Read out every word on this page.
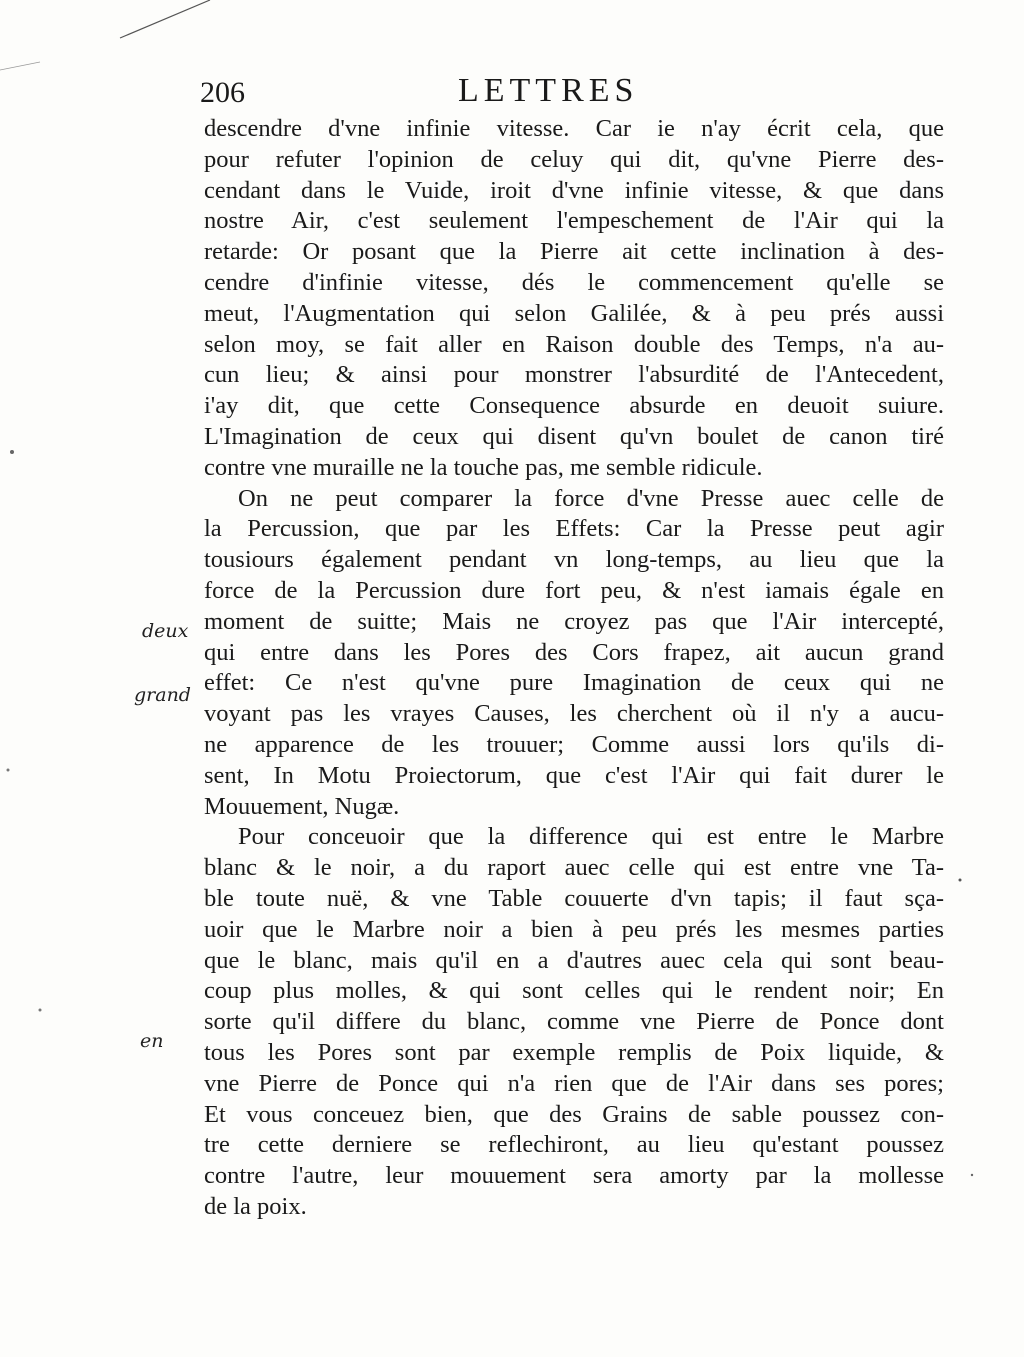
206	LETTRES
descendre d'vne infinie vitesse. Car ie n'ay écrit cela, que
pour refuter l'opinion de celuy qui dit, qu'vne Pierre des-
cendant dans le Vuide, iroit d'vne infinie vitesse, & que dans
nostre Air, c'est seulement l'empeschement de l'Air qui la
retarde: Or posant que la Pierre ait cette inclination à des-
cendre d'infinie vitesse, dés le commencement qu'elle se
meut, l'Augmentation qui selon Galilée, & à peu prés aussi
selon moy, se fait aller en Raison double des Temps, n'a au-
cun lieu; & ainsi pour monstrer l'absurdité de l'Antecedent,
i'ay dit, que cette Consequence absurde en deuoit suiure.
L'Imagination de ceux qui disent qu'vn boulet de canon tiré
contre vne muraille ne la touche pas, me semble ridicule.
On ne peut comparer la force d'vne Presse auec celle de
la Percussion, que par les Effets: Car la Presse peut agir
tousiours également pendant vn long-temps, au lieu que la
force de la Percussion dure fort peu, & n'est iamais égale en
moment de suitte; Mais ne croyez pas que l'Air intercepté,
qui entre dans les Pores des Cors frapez, ait aucun grand
effet: Ce n'est qu'vne pure Imagination de ceux qui ne
voyant pas les vrayes Causes, les cherchent où il n'y a aucu-
ne apparence de les trouuer; Comme aussi lors qu'ils di-
sent, In Motu Proiectorum, que c'est l'Air qui fait durer le
Mouuement, Nugæ.
Pour conceuoir que la difference qui est entre le Marbre
blanc & le noir, a du raport auec celle qui est entre vne Ta-
ble toute nuë, & vne Table couuerte d'vn tapis; il faut sça-
uoir que le Marbre noir a bien à peu prés les mesmes parties
que le blanc, mais qu'il en a d'autres auec cela qui sont beau-
coup plus molles, & qui sont celles qui le rendent noir; En
sorte qu'il differe du blanc, comme vne Pierre de Ponce dont
tous les Pores sont par exemple remplis de Poix liquide, &
vne Pierre de Ponce qui n'a rien que de l'Air dans ses pores;
Et vous conceuez bien, que des Grains de sable poussez con-
tre cette derniere se reflechiront, au lieu qu'estant poussez
contre l'autre, leur mouuement sera amorty par la mollesse
de la poix.
deux
grand
en
